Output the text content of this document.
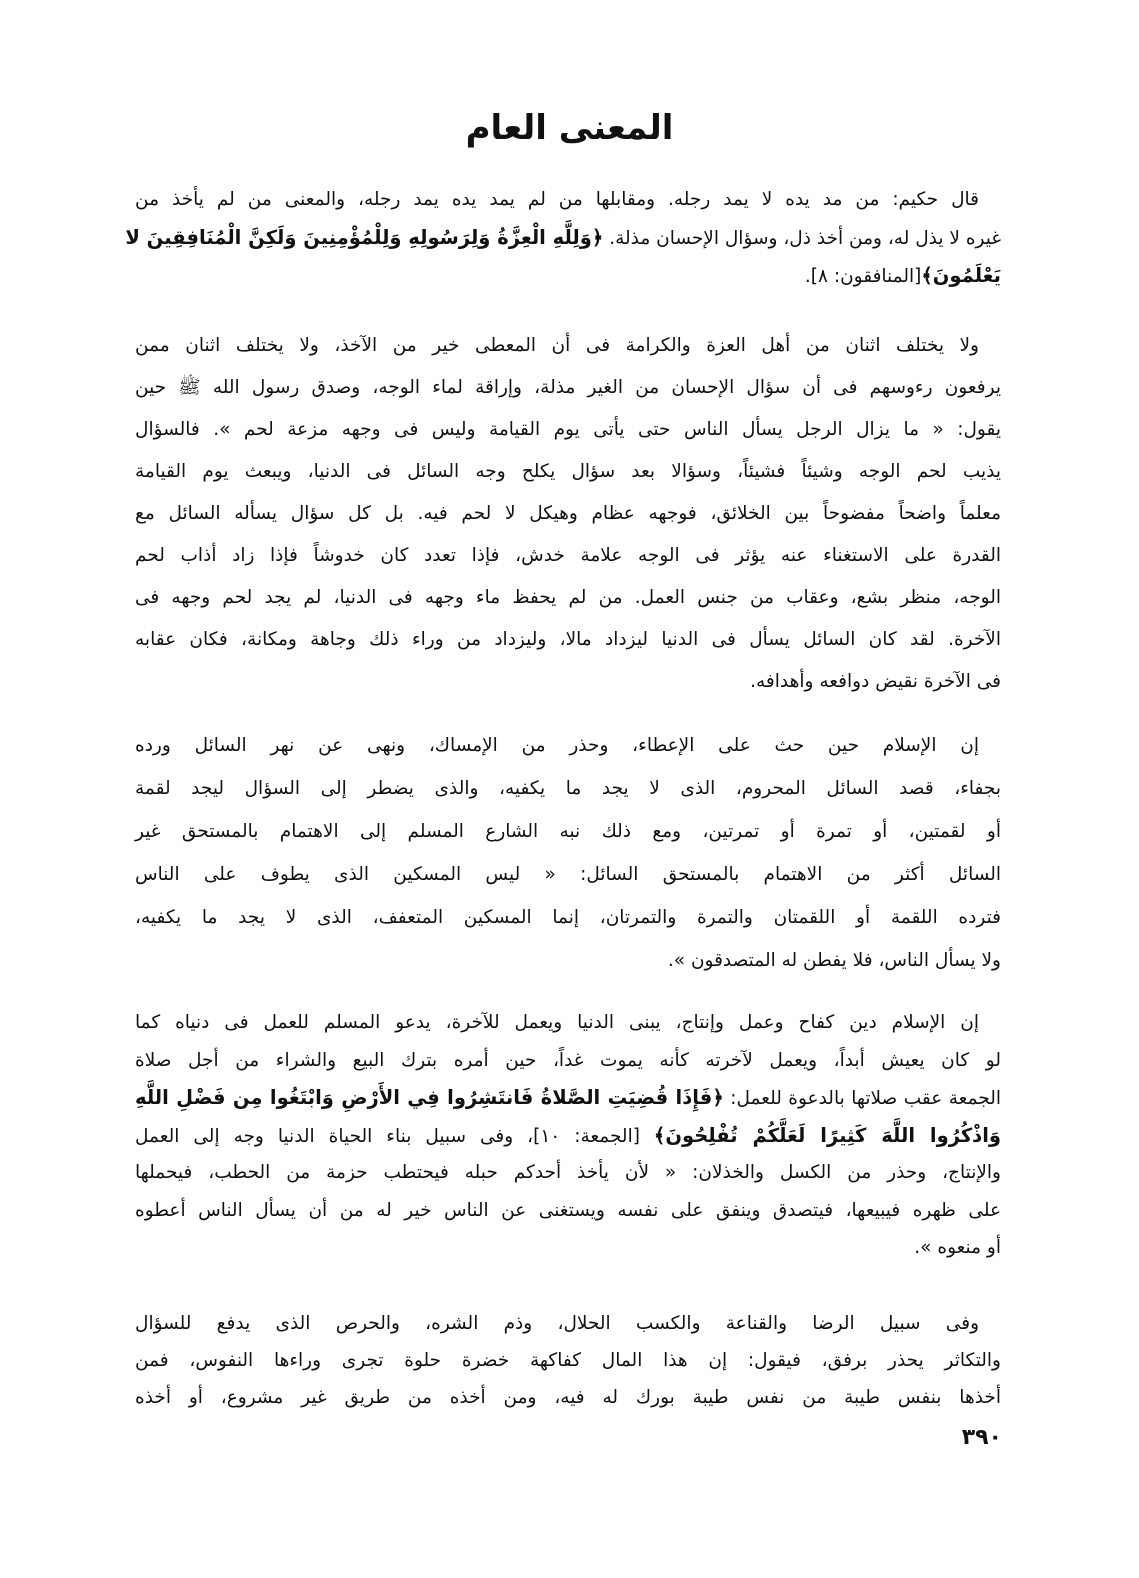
المعنى العام
قال حكيم: من مد يده لا يمد رجله. ومقابلها من لم يمد يده يمد رجله، والمعنى من لم يأخذ من
غيره لا يذل له، ومن أخذ ذل، وسؤال الإحسان مذلة. ﴿وَلِلَّهِ الْعِزَّةُ وَلِرَسُولِهِ وَلِلْمُؤْمِنِينَ وَلَكِنَّ الْمُنَافِقِينَ لا
يَعْلَمُونَ﴾[المنافقون: ٨].
ولا يختلف اثنان من أهل العزة والكرامة فى أن المعطى خير من الآخذ، ولا يختلف اثنان ممن
يرفعون رءوسهم فى أن سؤال الإحسان من الغير مذلة، وإراقة لماء الوجه، وصدق رسول الله ﷺ حين
يقول: « ما يزال الرجل يسأل الناس حتى يأتى يوم القيامة وليس فى وجهه مزعة لحم ». فالسؤال
يذيب لحم الوجه وشيئاً فشيئاً، وسؤالا بعد سؤال يكلح وجه السائل فى الدنيا، ويبعث يوم القيامة
معلماً واضحاً مفضوحاً بين الخلائق، فوجهه عظام وهيكل لا لحم فيه. بل كل سؤال يسأله السائل مع
القدرة على الاستغناء عنه يؤثر فى الوجه علامة خدش، فإذا تعدد كان خدوشاً فإذا زاد أذاب لحم
الوجه، منظر بشع، وعقاب من جنس العمل. من لم يحفظ ماء وجهه فى الدنيا، لم يجد لحم وجهه فى
الآخرة. لقد كان السائل يسأل فى الدنيا ليزداد مالا، وليزداد من وراء ذلك وجاهة ومكانة، فكان عقابه
فى الآخرة نقيض دوافعه وأهدافه.
إن الإسلام حين حث على الإعطاء، وحذر من الإمساك، ونهى عن نهر السائل ورده
بجفاء، قصد السائل المحروم، الذى لا يجد ما يكفيه، والذى يضطر إلى السؤال ليجد لقمة
أو لقمتين، أو تمرة أو تمرتين، ومع ذلك نبه الشارع المسلم إلى الاهتمام بالمستحق غير
السائل أكثر من الاهتمام بالمستحق السائل: « ليس المسكين الذى يطوف على الناس
فترده اللقمة أو اللقمتان والتمرة والتمرتان، إنما المسكين المتعفف، الذى لا يجد ما يكفيه،
ولا يسأل الناس، فلا يفطن له المتصدقون ».
إن الإسلام دين كفاح وعمل وإنتاج، يبنى الدنيا ويعمل للآخرة، يدعو المسلم للعمل فى دنياه كما
لو كان يعيش أبداً، ويعمل لآخرته كأنه يموت غداً، حين أمره بترك البيع والشراء من أجل صلاة
الجمعة عقب صلاتها بالدعوة للعمل: ﴿فَإِذَا قُضِيَتِ الصَّلاةُ فَانتَشِرُوا فِي الأَرْضِ وَابْتَغُوا مِن فَضْلِ اللَّهِ
وَاذْكُرُوا اللَّهَ كَثِيرًا لَعَلَّكُمْ تُفْلِحُونَ﴾ [الجمعة: ١٠]، وفى سبيل بناء الحياة الدنيا وجه إلى العمل
والإنتاج، وحذر من الكسل والخذلان: « لأن يأخذ أحدكم حبله فيحتطب حزمة من الحطب، فيحملها
على ظهره فيبيعها، فيتصدق وينفق على نفسه ويستغنى عن الناس خير له من أن يسأل الناس أعطوه
أو منعوه ».
وفى سبيل الرضا والقناعة والكسب الحلال، وذم الشره، والحرص الذى يدفع للسؤال
والتكاثر يحذر برفق، فيقول: إن هذا المال كفاكهة خضرة حلوة تجرى وراءها النفوس، فمن
أخذها بنفس طيبة من نفس طيبة بورك له فيه، ومن أخذه من طريق غير مشروع، أو أخذه
٣٩٠
